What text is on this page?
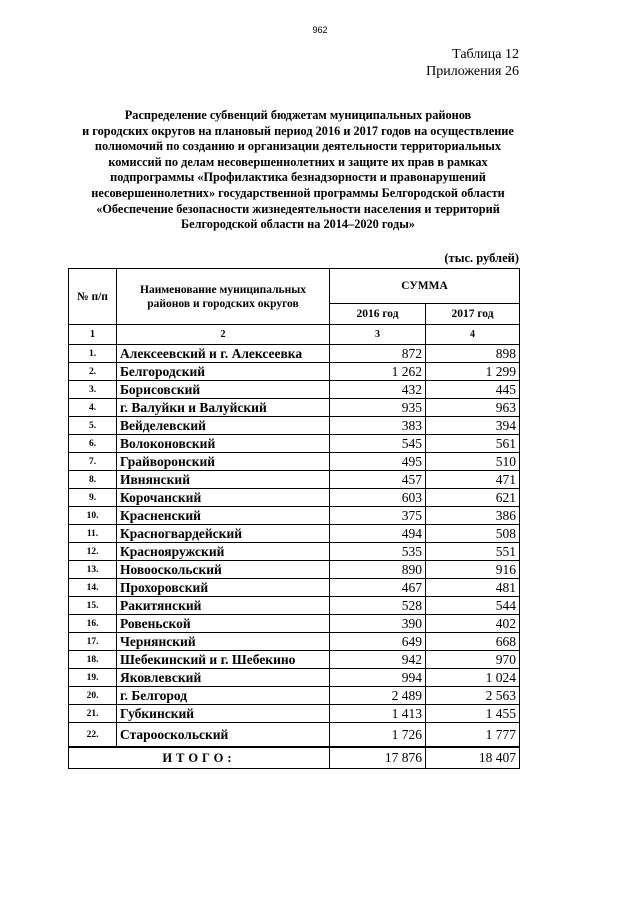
962
Таблица 12
Приложения 26
Распределение субвенций бюджетам муниципальных районов
и городских округов на плановый период 2016 и 2017 годов на осуществление
полномочий по созданию и организации деятельности территориальных
комиссий по делам несовершеннолетних и защите их прав в рамках
подпрограммы «Профилактика безнадзорности и правонарушений
несовершеннолетних» государственной программы Белгородской области
«Обеспечение безопасности жизнедеятельности населения и территорий
Белгородской области на 2014–2020 годы»
(тыс. рублей)
№ п/п	Наименование муниципальных районов и городских округов	СУММА	
		2016 год	2017 год
1	2	3	4
1.	Алексеевский и г. Алексеевка	872	898
2.	Белгородский	1 262	1 299
3.	Борисовский	432	445
4.	г. Валуйки и Валуйский	935	963
5.	Вейделевский	383	394
6.	Волоконовский	545	561
7.	Грайворонский	495	510
8.	Ивнянский	457	471
9.	Корочанский	603	621
10.	Красненский	375	386
11.	Красногвардейский	494	508
12.	Краснояружский	535	551
13.	Новооскольский	890	916
14.	Прохоровский	467	481
15.	Ракитянский	528	544
16.	Ровеньской	390	402
17.	Чернянский	649	668
18.	Шебекинский и г. Шебекино	942	970
19.	Яковлевский	994	1 024
20.	г. Белгород	2 489	2 563
21.	Губкинский	1 413	1 455
22.	Старооскольский	1 726	1 777
ИТОГО:		17 876	18 407
